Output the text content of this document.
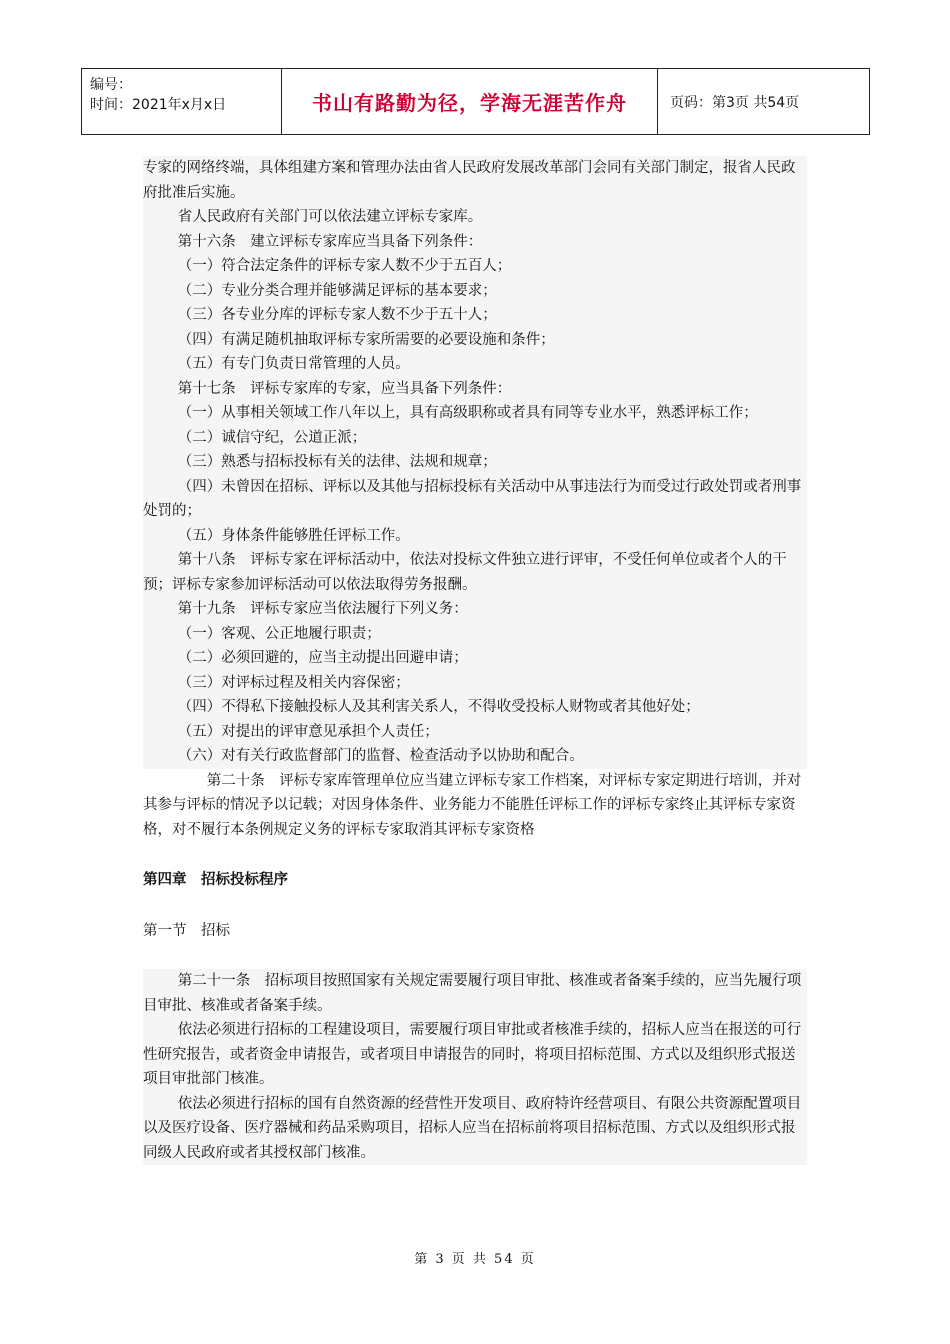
编号：
时间：2021年x月x日	书山有路勤为径，学海无涯苦作舟	页码：第3页 共54页

专家的网络终端，具体组建方案和管理办法由省人民政府发展改革部门会同有关部门制定，报省人民政府批准后实施。

省人民政府有关部门可以依法建立评标专家库。

第十六条　建立评标专家库应当具备下列条件：

（一）符合法定条件的评标专家人数不少于五百人；

（二）专业分类合理并能够满足评标的基本要求；

（三）各专业分库的评标专家人数不少于五十人；

（四）有满足随机抽取评标专家所需要的必要设施和条件；

（五）有专门负责日常管理的人员。

第十七条　评标专家库的专家，应当具备下列条件：

（一）从事相关领域工作八年以上，具有高级职称或者具有同等专业水平，熟悉评标工作；

（二）诚信守纪，公道正派；

（三）熟悉与招标投标有关的法律、法规和规章；

（四）未曾因在招标、评标以及其他与招标投标有关活动中从事违法行为而受过行政处罚或者刑事处罚的；

（五）身体条件能够胜任评标工作。

第十八条　评标专家在评标活动中，依法对投标文件独立进行评审，不受任何单位或者个人的干预；评标专家参加评标活动可以依法取得劳务报酬。

第十九条　评标专家应当依法履行下列义务：

（一）客观、公正地履行职责；

（二）必须回避的，应当主动提出回避申请；

（三）对评标过程及相关内容保密；

（四）不得私下接触投标人及其利害关系人，不得收受投标人财物或者其他好处；

（五）对提出的评审意见承担个人责任；

（六）对有关行政监督部门的监督、检查活动予以协助和配合。

第二十条　评标专家库管理单位应当建立评标专家工作档案，对评标专家定期进行培训，并对其参与评标的情况予以记载；对因身体条件、业务能力不能胜任评标工作的评标专家终止其评标专家资格，对不履行本条例规定义务的评标专家取消其评标专家资格

第四章　招标投标程序

第一节　招标

第二十一条　招标项目按照国家有关规定需要履行项目审批、核准或者备案手续的，应当先履行项目审批、核准或者备案手续。

依法必须进行招标的工程建设项目，需要履行项目审批或者核准手续的，招标人应当在报送的可行性研究报告，或者资金申请报告，或者项目申请报告的同时，将项目招标范围、方式以及组织形式报送项目审批部门核准。

依法必须进行招标的国有自然资源的经营性开发项目、政府特许经营项目、有限公共资源配置项目以及医疗设备、医疗器械和药品采购项目，招标人应当在招标前将项目招标范围、方式以及组织形式报同级人民政府或者其授权部门核准。

第 3 页 共 54 页
